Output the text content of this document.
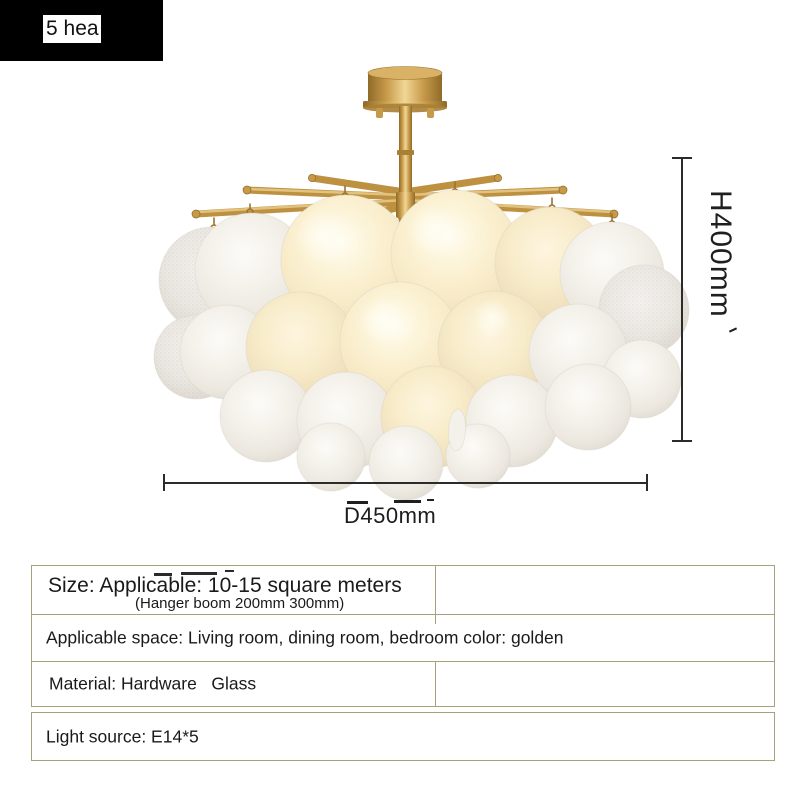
5 hea
H400mm
D450mm
Size: Applicable: 10-15 square meters
(Hanger boom 200mm 300mm)
Applicable space: Living room, dining room, bedroom color: golden
Material: Hardware   Glass
Light source: E14*5
